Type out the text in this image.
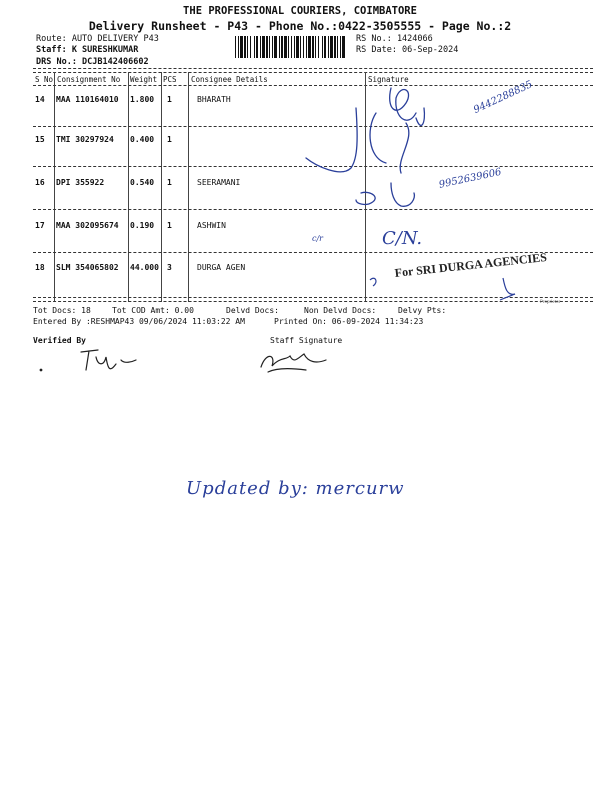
THE PROFESSIONAL COURIERS, COIMBATORE
Delivery Runsheet - P43 - Phone No.:0422-3505555 - Page No.:2
Route: AUTO DELIVERY P43
Staff: K SURESHKUMAR
DRS No.: DCJB142406602
RS No.: 1424066
RS Date: 06-Sep-2024
S No Consignment No Weight PCS Consignee Details	Signature
14 MAA 110164010 1.800 1	BHARATH
15 TMI 30297924 0.400 1
16 DPI 355922	0.540 1	SEERAMANI
17 MAA 302095674 0.190 1	ASHWIN
18 SLM 354065802 44.000 3	DURGA AGEN
9442288835
9952639606
c/r	C/N.
For SRI DURGA AGENCIES
Proprietor
Tot Docs: 18	Tot COD Amt: 0.00	Delvd Docs:	Non Delvd Docs:	Delvy Pts:
Entered By :RESHMAP43 09/06/2024 11:03:22 AM	Printed On: 06-09-2024 11:34:23
Verified By	Staff Signature
Updated by: mercurw
